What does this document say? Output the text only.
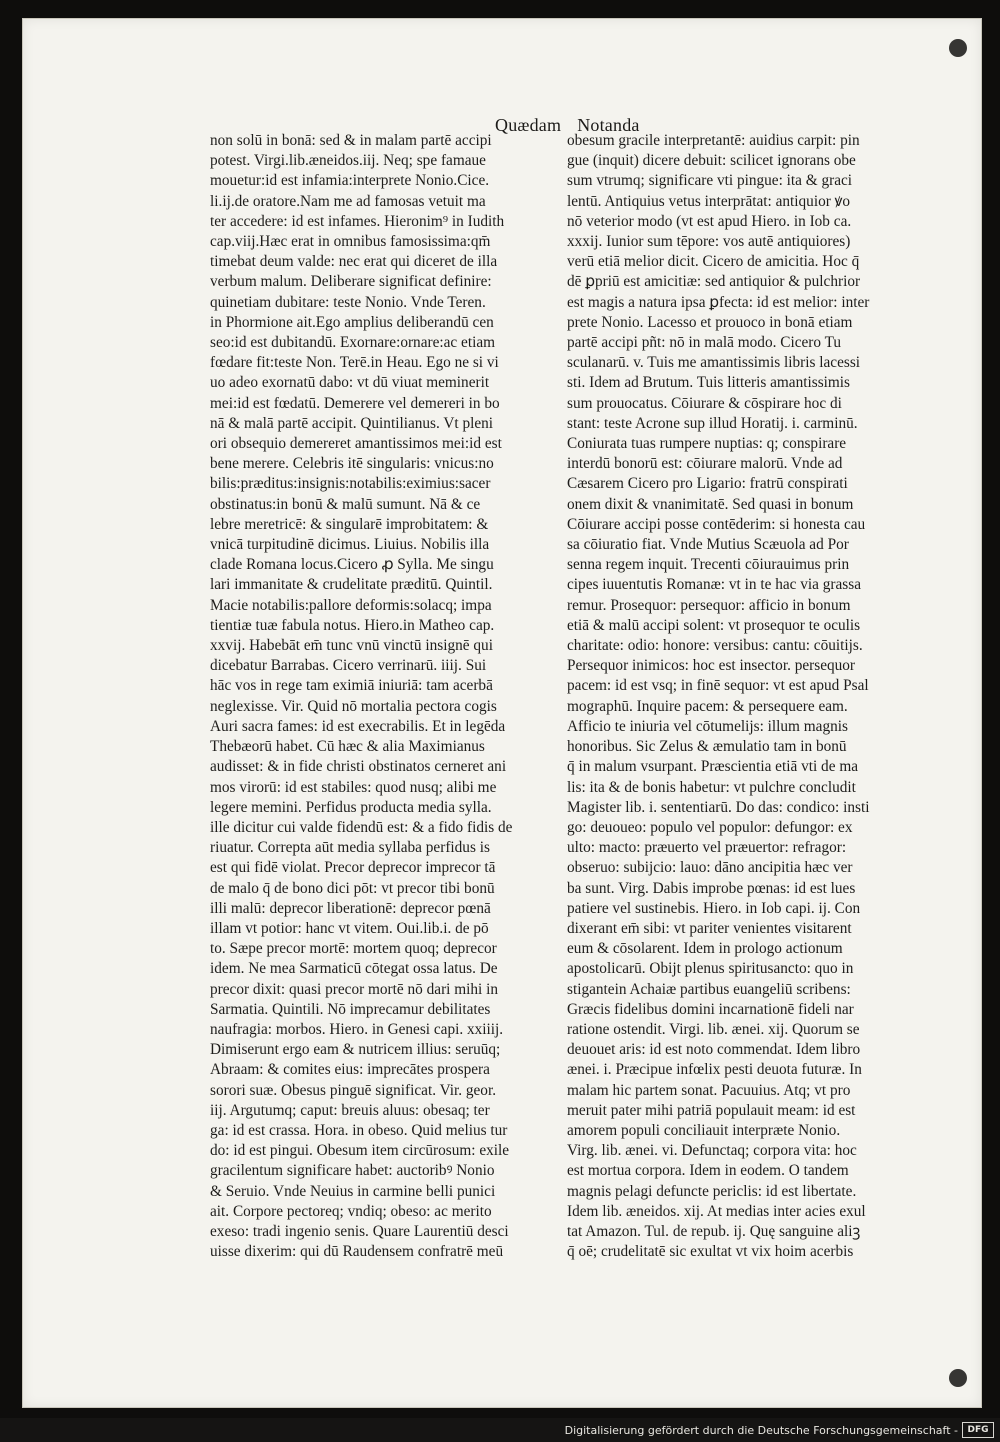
Quædam Notanda
non solū in bonā: sed & in malam partē accipi
potest. Virgi.lib.æneidos.iij. Neq; spe famaue
mouetur:id est infamia:interprete Nonio.Cice.
li.ij.de oratore.Nam me ad famosas vetuit ma
ter accedere: id est infames. Hieronim⁹ in Iudith
cap.viij.Hæc erat in omnibus famosissima:qm̄
timebat deum valde: nec erat qui diceret de illa
verbum malum. Deliberare significat definire:
quinetiam dubitare: teste Nonio. Vnde Teren.
in Phormione ait.Ego amplius deliberandū cen
seo:id est dubitandū. Exornare:ornare:ac etiam
fœdare fit:teste Non. Terē.in Heau. Ego ne si vi
uo adeo exornatū dabo: vt dū viuat meminerit
mei:id est fœdatū. Demerere vel demereri in bo
nā & malā partē accipit. Quintilianus. Vt pleni
ori obsequio demereret amantissimos mei:id est
bene merere. Celebris itē singularis: vnicus:no
bilis:præditus:insignis:notabilis:eximius:sacer
obstinatus:in bonū & malū sumunt. Nā & ce
lebre meretricē: & singularē improbitatem: &
vnicā turpitudinē dicimus. Liuius. Nobilis illa
clade Romana locus.Cicero ꝓ Sylla. Me singu
lari immanitate & crudelitate præditū. Quintil.
Macie notabilis:pallore deformis:solacq; impa
tientiæ tuæ fabula notus. Hiero.in Matheo cap.
xxvij. Habebāt em̄ tunc vnū vinctū insignē qui
dicebatur Barrabas. Cicero verrinarū. iiij. Sui
hāc vos in rege tam eximiā iniuriā: tam acerbā
neglexisse. Vir. Quid nō mortalia pectora cogis
Auri sacra fames: id est execrabilis. Et in legēda
Thebæorū habet. Cū hæc & alia Maximianus
audisset: & in fide christi obstinatos cerneret ani
mos virorū: id est stabiles: quod nusq; alibi me
legere memini. Perfidus producta media sylla.
ille dicitur cui valde fidendū est: & a fido fidis de
riuatur. Correpta aūt media syllaba perfidus is
est qui fidē violat. Precor deprecor imprecor tā
de malo q̄ de bono dici pōt: vt precor tibi bonū
illi malū: deprecor liberationē: deprecor pœnā
illam vt potior: hanc vt vitem. Oui.lib.i. de pō
to. Sæpe precor mortē: mortem quoq; deprecor
idem. Ne mea Sarmaticū cōtegat ossa latus. De
precor dixit: quasi precor mortē nō dari mihi in
Sarmatia. Quintili. Nō imprecamur debilitates
naufragia: morbos. Hiero. in Genesi capi. xxiiij.
Dimiserunt ergo eam & nutricem illius: seruūq;
Abraam: & comites eius: imprecātes prospera
sorori suæ. Obesus pinguē significat. Vir. geor.
iij. Argutumq; caput: breuis aluus: obesaq; ter
ga: id est crassa. Hora. in obeso. Quid melius tur
do: id est pingui. Obesum item circūrosum: exile
gracilentum significare habet: auctoribꝰ Nonio
& Seruio. Vnde Neuius in carmine belli punici
ait. Corpore pectoreq; vndiq; obeso: ac merito
exeso: tradi ingenio senis. Quare Laurentiū desci
uisse dixerim: qui dū Raudensem confratrē meū
obesum gracile interpretantē: auidius carpit: pin
gue (inquit) dicere debuit: scilicet ignorans obe
sum vtrumq; significare vti pingue: ita & graci
lentū. Antiquius vetus interprātat: antiquior ꝟo
nō veterior modo (vt est apud Hiero. in Iob ca.
xxxij. Iunior sum tēpore: vos autē antiquiores)
verū etiā melior dicit. Cicero de amicitia. Hoc q̄
dē ꝑpriū est amicitiæ: sed antiquior & pulchrior
est magis a natura ipsa ꝑfecta: id est melior: inter
prete Nonio. Lacesso et prouoco in bonā etiam
partē accipi pñt: nō in malā modo. Cicero Tu
sculanarū. v. Tuis me amantissimis libris lacessi
sti. Idem ad Brutum. Tuis litteris amantissimis
sum prouocatus. Cōiurare & cōspirare hoc di
stant: teste Acrone sup illud Horatij. i. carminū.
Coniurata tuas rumpere nuptias: q; conspirare
interdū bonorū est: cōiurare malorū. Vnde ad
Cæsarem Cicero pro Ligario: fratrū conspirati
onem dixit & vnanimitatē. Sed quasi in bonum
Cōiurare accipi posse contēderim: si honesta cau
sa cōiuratio fiat. Vnde Mutius Scæuola ad Por
senna regem inquit. Trecenti cōiurauimus prin
cipes iuuentutis Romanæ: vt in te hac via grassa
remur. Prosequor: persequor: afficio in bonum
etiā & malū accipi solent: vt prosequor te oculis
charitate: odio: honore: versibus: cantu: cōuitijs.
Persequor inimicos: hoc est insector. persequor
pacem: id est vsq; in finē sequor: vt est apud Psal
mographū. Inquire pacem: & persequere eam.
Afficio te iniuria vel cōtumelijs: illum magnis
honoribus. Sic Zelus & æmulatio tam in bonū
q̄ in malum vsurpant. Præscientia etiā vti de ma
lis: ita & de bonis habetur: vt pulchre concludit
Magister lib. i. sententiarū. Do das: condico: insti
go: deuoueo: populo vel populor: defungor: ex
ulto: macto: præuerto vel præuertor: refragor:
obseruo: subijcio: lauo: dāno ancipitia hæc ver
ba sunt. Virg. Dabis improbe pœnas: id est lues
patiere vel sustinebis. Hiero. in Iob capi. ij. Con
dixerant em̄ sibi: vt pariter venientes visitarent
eum & cōsolarent. Idem in prologo actionum
apostolicarū. Obijt plenus spiritusancto: quo in
stigantein Achaiæ partibus euangeliū scribens:
Græcis fidelibus domini incarnationē fideli nar
ratione ostendit. Virgi. lib. ænei. xij. Quorum se
deuouet aris: id est noto commendat. Idem libro
ænei. i. Præcipue infœlix pesti deuota futuræ. In
malam hic partem sonat. Pacuuius. Atq; vt pro
meruit pater mihi patriā populauit meam: id est
amorem populi conciliauit interpræte Nonio.
Virg. lib. ænei. vi. Defunctaq; corpora vita: hoc
est mortua corpora. Idem in eodem. O tandem
magnis pelagi defuncte periclis: id est libertate.
Idem lib. æneidos. xij. At medias inter acies exul
tat Amazon. Tul. de repub. ij. Quę sanguine aliꝫ
q̄ oē; crudelitatē sic exultat vt vix hoim acerbis
Digitalisierung gefördert durch die Deutsche Forschungsgemeinschaft -	DFG
